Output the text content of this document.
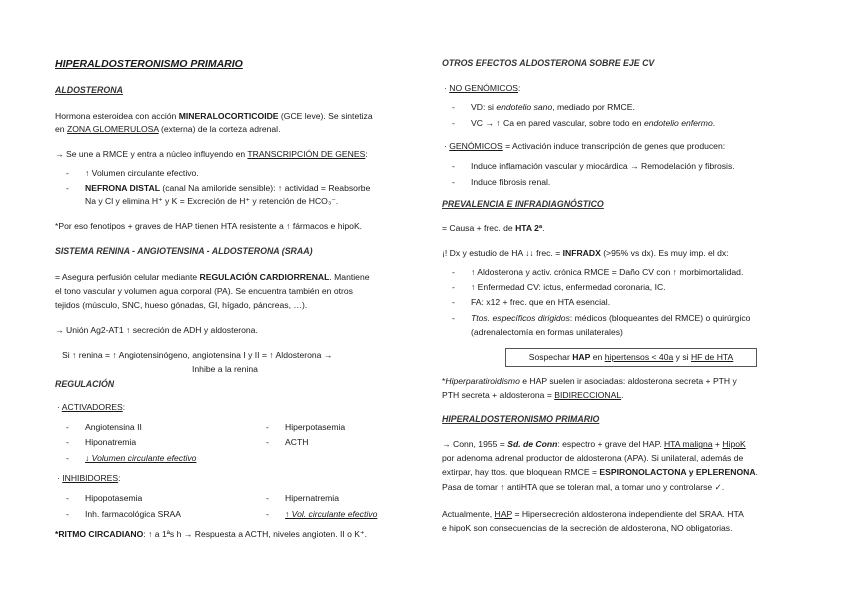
HIPERALDOSTERONISMO PRIMARIO
ALDOSTERONA
Hormona esteroidea con acción MINERALOCORTICOIDE (GCE leve). Se sintetiza
en ZONA GLOMERULOSA (externa) de la corteza adrenal.
→ Se une a RMCE y entra a núcleo influyendo en TRANSCRIPCIÓN DE GENES:
- ↑ Volumen circulante efectivo.
- NEFRONA DISTAL (canal Na amiloride sensible): ↑ actividad = Reabsorbe
Na y Cl y elimina H⁺ y K = Excreción de H⁺ y retención de HCO₃⁻.
*Por eso fenotipos + graves de HAP tienen HTA resistente a ↑ fármacos e hipoK.
SISTEMA RENINA - ANGIOTENSINA - ALDOSTERONA (SRAA)
= Asegura perfusión celular mediante REGULACIÓN CARDIORRENAL. Mantiene
el tono vascular y volumen agua corporal (PA). Se encuentra también en otros
tejidos (músculo, SNC, hueso gónadas, GI, hígado, páncreas, …).
→ Unión Ag2-AT1 ↑ secreción de ADH y aldosterona.
Si ↑ renina = ↑ Angiotensinógeno, angiotensina I y II = ↑ Aldosterona →
Inhibe a la renina
REGULACIÓN
· ACTIVADORES:
- Angiotensina II
- Hiponatremia
- ↓ Volumen circulante efectivo
- Hiperpotasemia
- ACTH
· INHIBIDORES:
- Hipopotasemia
- Inh. farmacológica SRAA
- Hipernatremia
- ↑ Vol. circulante efectivo
*RITMO CIRCADIANO: ↑ a 1ªs h → Respuesta a ACTH, niveles angioten. II o K⁺.
OTROS EFECTOS ALDOSTERONA SOBRE EJE CV
· NO GENÓMICOS:
- VD: si endotelio sano, mediado por RMCE.
- VC → ↑ Ca en pared vascular, sobre todo en endotelio enfermo.
· GENÓMICOS = Activación induce transcripción de genes que producen:
- Induce inflamación vascular y miocárdica → Remodelación y fibrosis.
- Induce fibrosis renal.
PREVALENCIA E INFRADIAGNÓSTICO
= Causa + frec. de HTA 2ª.
¡! Dx y estudio de HA ↓↓ frec. = INFRADX (>95% vs dx). Es muy imp. el dx:
- ↑ Aldosterona y activ. crónica RMCE = Daño CV con ↑ morbimortalidad.
- ↑ Enfermedad CV: ictus, enfermedad coronaria, IC.
- FA: x12 + frec. que en HTA esencial.
- Ttos. específicos dirigidos: médicos (bloqueantes del RMCE) o quirúrgico
(adrenalectomía en formas unilaterales)
Sospechar HAP en hipertensos < 40a y si HF de HTA
*Hiperparatiroidismo e HAP suelen ir asociadas: aldosterona secreta + PTH y
PTH secreta + aldosterona = BIDIRECCIONAL.
HIPERALDOSTERONISMO PRIMARIO
→ Conn, 1955 = Sd. de Conn: espectro + grave del HAP. HTA maligna + HipoK
por adenoma adrenal productor de aldosterona (APA). Si unilateral, además de
extirpar, hay ttos. que bloquean RMCE = ESPIRONOLACTONA y EPLERENONA.
Pasa de tomar ↑ antiHTA que se toleran mal, a tomar uno y controlarse ✓.
Actualmente, HAP = Hipersecreción aldosterona independiente del SRAA. HTA
e hipoK son consecuencias de la secreción de aldosterona, NO obligatorias.
